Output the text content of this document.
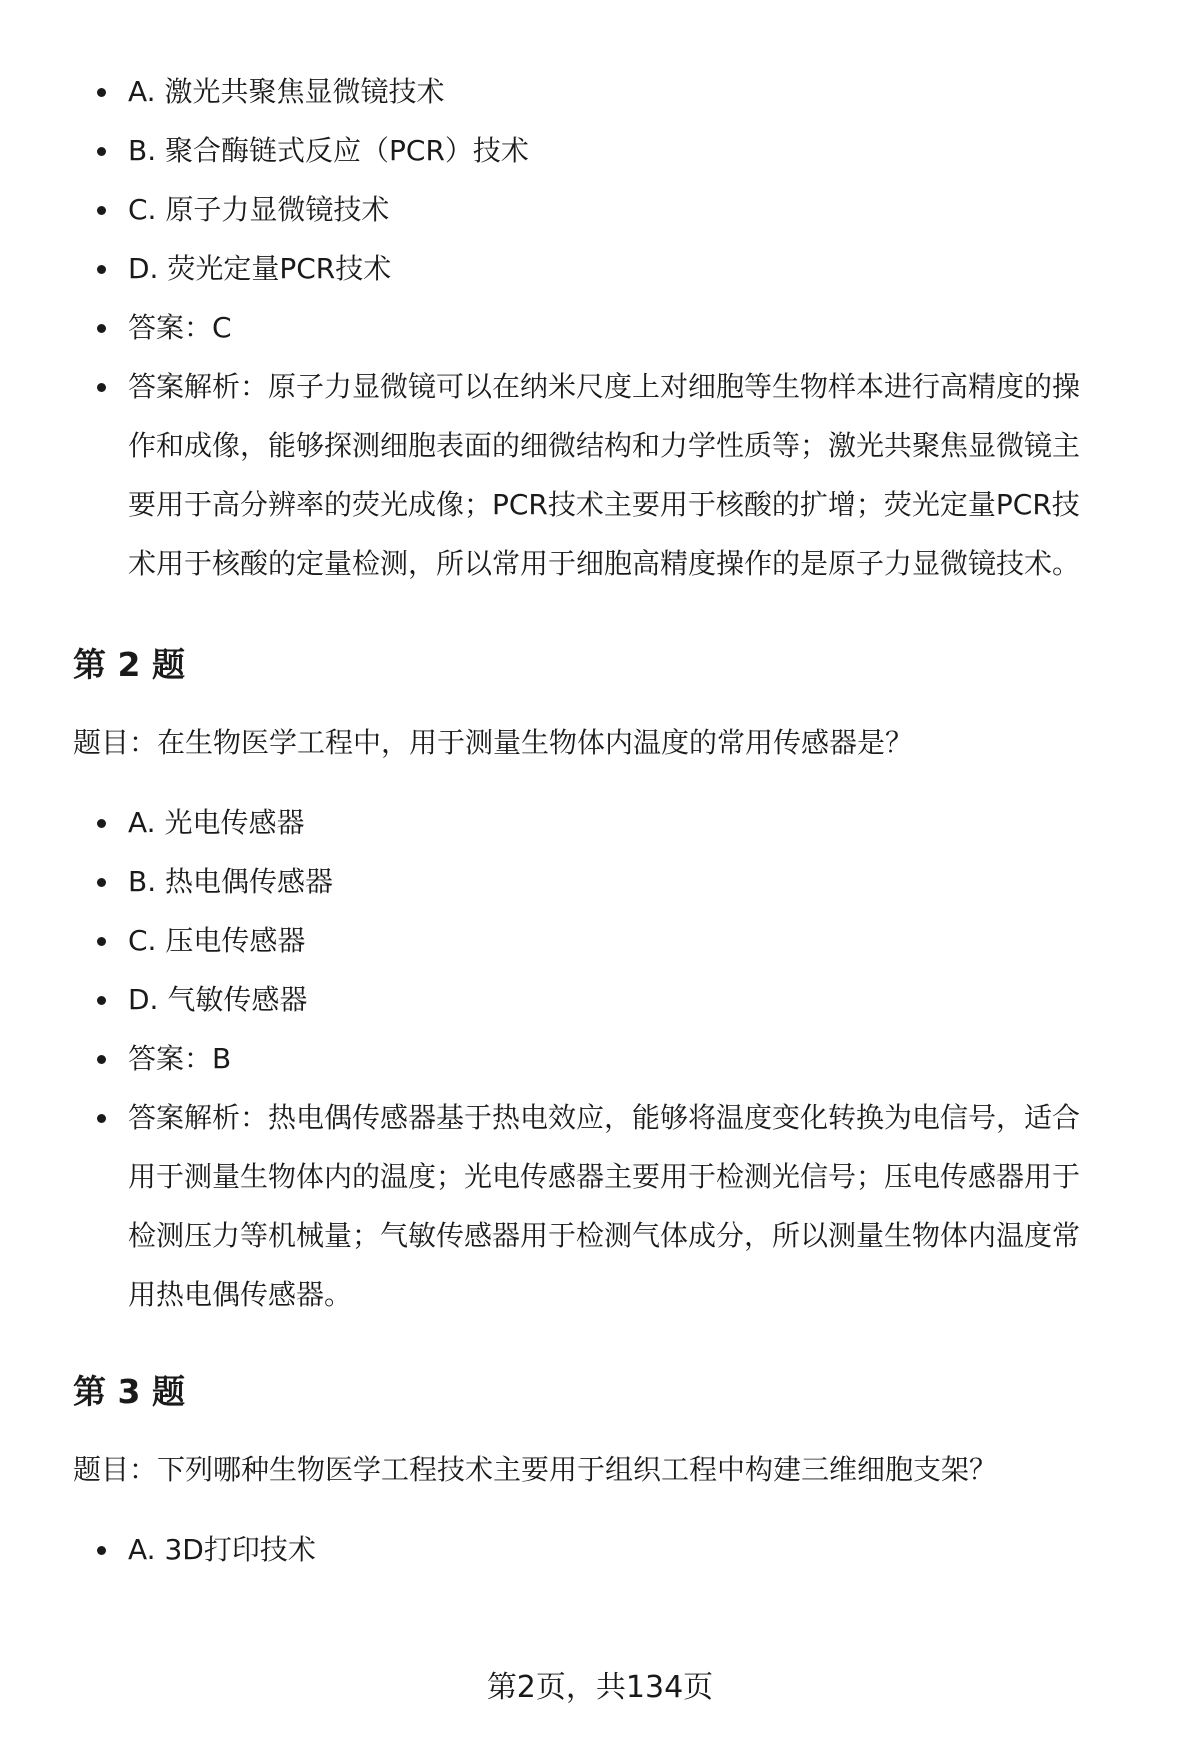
A. 激光共聚焦显微镜技术
B. 聚合酶链式反应（PCR）技术
C. 原子力显微镜技术
D. 荧光定量PCR技术
答案：C
答案解析：原子力显微镜可以在纳米尺度上对细胞等生物样本进行高精度的操作和成像，能够探测细胞表面的细微结构和力学性质等；激光共聚焦显微镜主要用于高分辨率的荧光成像；PCR技术主要用于核酸的扩增；荧光定量PCR技术用于核酸的定量检测，所以常用于细胞高精度操作的是原子力显微镜技术。
第 2 题

题目：在生物医学工程中，用于测量生物体内温度的常用传感器是？

A. 光电传感器
B. 热电偶传感器
C. 压电传感器
D. 气敏传感器
答案：B
答案解析：热电偶传感器基于热电效应，能够将温度变化转换为电信号，适合用于测量生物体内的温度；光电传感器主要用于检测光信号；压电传感器用于检测压力等机械量；气敏传感器用于检测气体成分，所以测量生物体内温度常用热电偶传感器。
第 3 题

题目：下列哪种生物医学工程技术主要用于组织工程中构建三维细胞支架？

A. 3D打印技术
第2页，共134页
